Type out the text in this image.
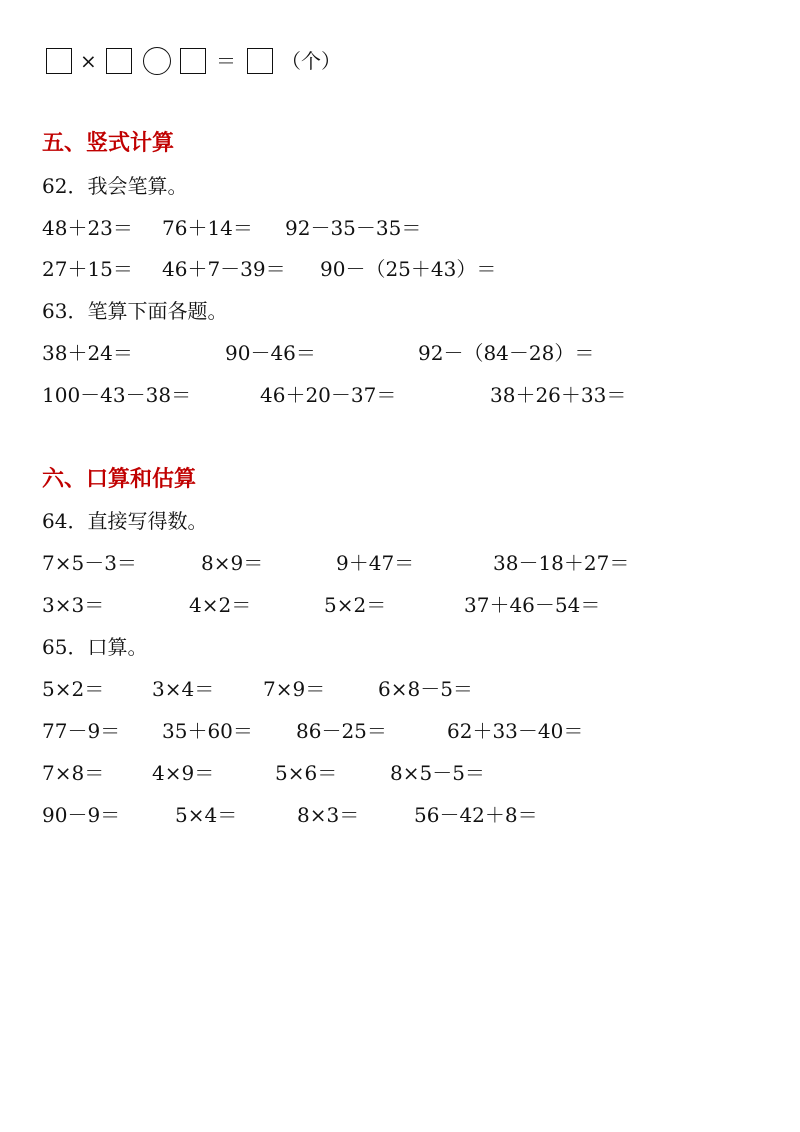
×	＝ （个）
五、竖式计算
62．我会笔算。
48＋23＝ 76＋14＝ 92－35－35＝
27＋15＝ 46＋7－39＝ 90－（25＋43）＝
63．笔算下面各题。
38＋24＝	90－46＝	92－（84－28）＝
100－43－38＝	46＋20－37＝	38＋26＋33＝
六、口算和估算
64．直接写得数。
7×5－3＝	8×9＝	9＋47＝	38－18＋27＝
3×3＝	4×2＝	5×2＝	37＋46－54＝
65．口算。
5×2＝ 3×4＝ 7×9＝	6×8－5＝
77－9＝ 35＋60＝ 86－25＝	62＋33－40＝
7×8＝ 4×9＝	5×6＝	8×5－5＝
90－9＝	5×4＝	8×3＝	56－42＋8＝
